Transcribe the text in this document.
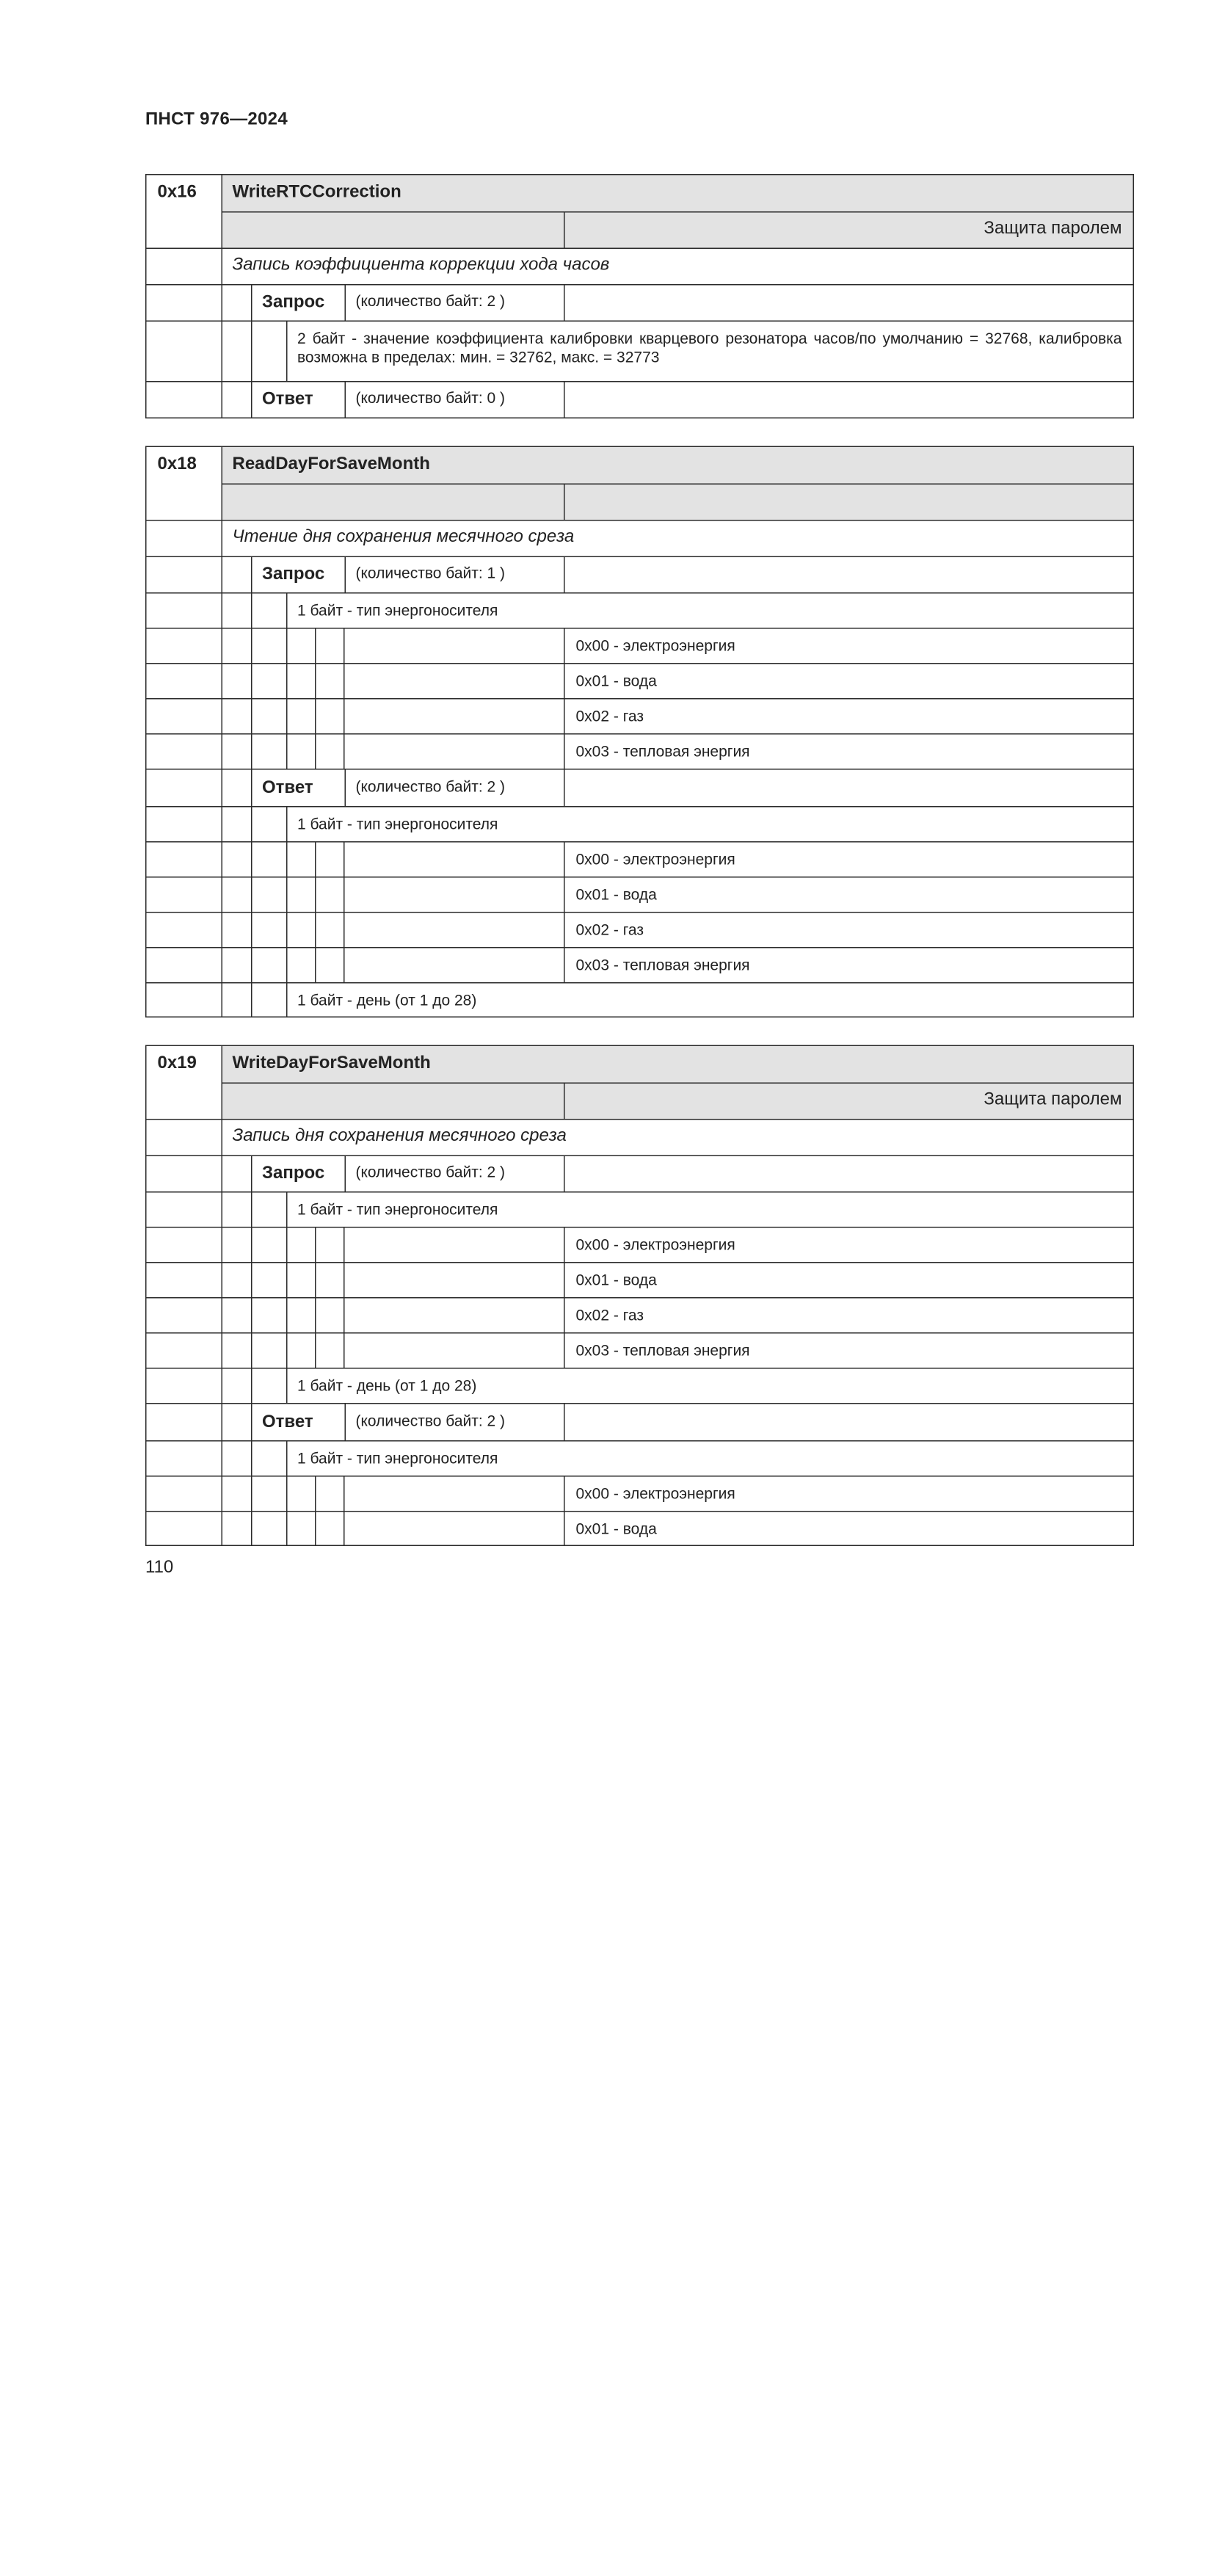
ПНСТ 976—2024
0x16	WriteRTCCorrection
Защита паролем
Запись коэффициента коррекции хода часов
Запрос	(количество байт: 2 )
2 байт - значение коэффициента калибровки кварцевого резонатора часов/по умолчанию = 32768, калибровка возможна в пределах: мин. = 32762, макс. = 32773
Ответ	(количество байт: 0 )
0x18	ReadDayForSaveMonth
Чтение дня сохранения месячного среза
Запрос	(количество байт: 1 )
1 байт - тип энергоносителя
0x00 - электроэнергия
0x01 - вода
0x02 - газ
0x03 - тепловая энергия
Ответ	(количество байт: 2 )
1 байт - тип энергоносителя
0x00 - электроэнергия
0x01 - вода
0x02 - газ
0x03 - тепловая энергия
1 байт - день (от 1 до 28)
0x19	WriteDayForSaveMonth
Защита паролем
Запись дня сохранения месячного среза
Запрос	(количество байт: 2 )
1 байт - тип энергоносителя
0x00 - электроэнергия
0x01 - вода
0x02 - газ
0x03 - тепловая энергия
1 байт - день (от 1 до 28)
Ответ	(количество байт: 2 )
1 байт - тип энергоносителя
0x00 - электроэнергия
0x01 - вода
110
